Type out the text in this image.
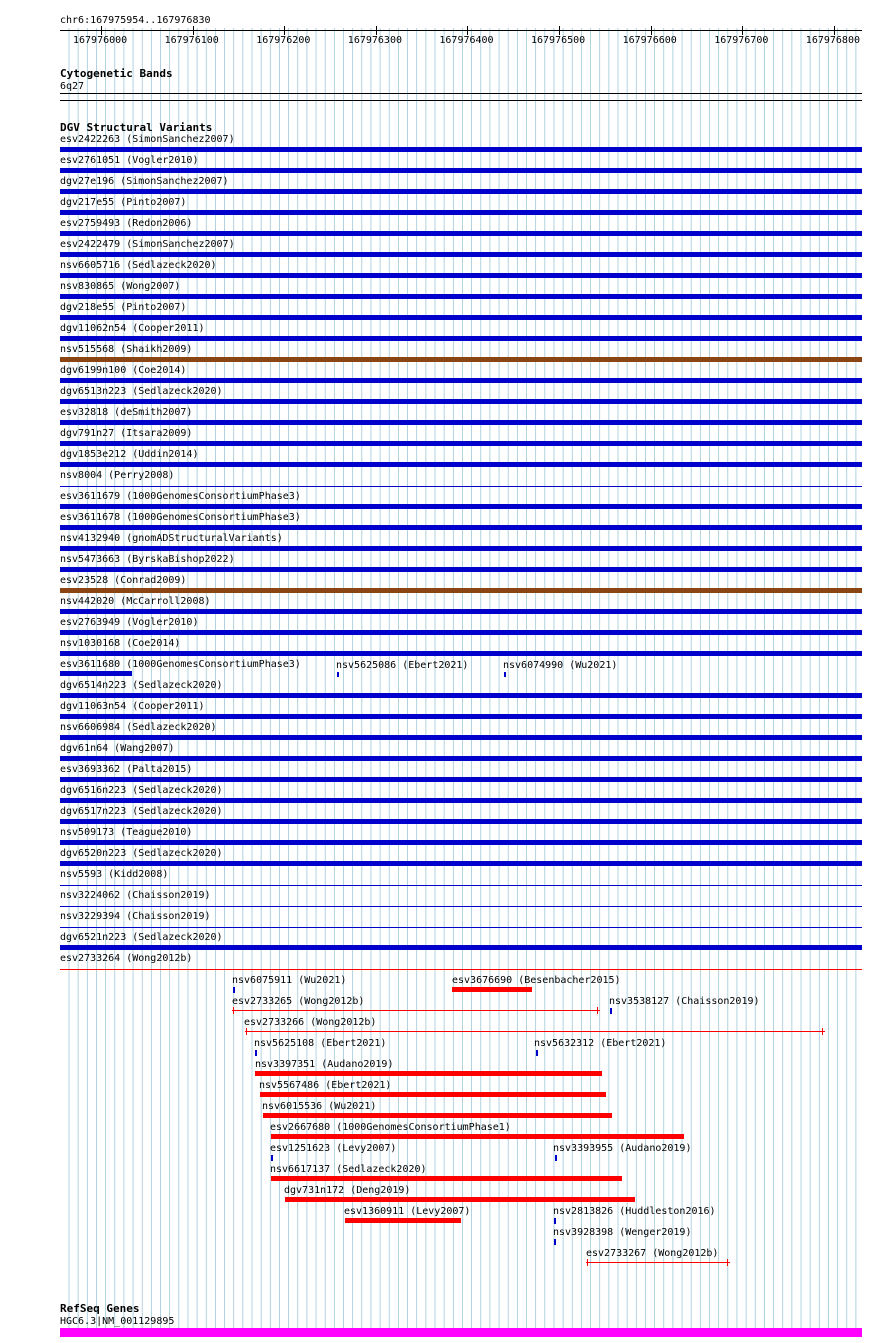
chr6:167975954..167976830
167976000	167976100	167976200	167976300	167976400	167976500	167976600	167976700	167976800
Cytogenetic Bands
6q27
DGV Structural Variants
esv2422263 (SimonSanchez2007)
esv2761051 (Vogler2010)
dgv27e196 (SimonSanchez2007)
dgv217e55 (Pinto2007)
esv2759493 (Redon2006)
esv2422479 (SimonSanchez2007)
nsv6605716 (Sedlazeck2020)
nsv830865 (Wong2007)
dgv218e55 (Pinto2007)
dgv11062n54 (Cooper2011)
nsv515568 (Shaikh2009)
dgv6199n100 (Coe2014)
dgv6513n223 (Sedlazeck2020)
esv32818 (deSmith2007)
dgv791n27 (Itsara2009)
dgv1853e212 (Uddin2014)
nsv8004 (Perry2008)
esv3611679 (1000GenomesConsortiumPhase3)
esv3611678 (1000GenomesConsortiumPhase3)
nsv4132940 (gnomADStructuralVariants)
nsv5473663 (ByrskaBishop2022)
esv23528 (Conrad2009)
nsv442020 (McCarroll2008)
esv2763949 (Vogler2010)
nsv1030168 (Coe2014)
esv3611680 (1000GenomesConsortiumPhase3)
dgv6514n223 (Sedlazeck2020)
dgv11063n54 (Cooper2011)
nsv6606984 (Sedlazeck2020)
dgv61n64 (Wang2007)
esv3693362 (Palta2015)
dgv6516n223 (Sedlazeck2020)
dgv6517n223 (Sedlazeck2020)
nsv509173 (Teague2010)
dgv6520n223 (Sedlazeck2020)
nsv5593 (Kidd2008)
nsv3224062 (Chaisson2019)
nsv3229394 (Chaisson2019)
dgv6521n223 (Sedlazeck2020)
esv2733264 (Wong2012b)
nsv5625086 (Ebert2021)	nsv6074990 (Wu2021)
nsv6075911 (Wu2021)	esv3676690 (Besenbacher2015)
esv2733265 (Wong2012b)	nsv3538127 (Chaisson2019)
esv2733266 (Wong2012b)
nsv5625108 (Ebert2021)	nsv5632312 (Ebert2021)
nsv3397351 (Audano2019)
nsv5567486 (Ebert2021)
nsv6015536 (Wu2021)
esv2667680 (1000GenomesConsortiumPhase1)
esv1251623 (Levy2007)	nsv3393955 (Audano2019)
nsv6617137 (Sedlazeck2020)
dgv731n172 (Deng2019)
esv1360911 (Levy2007)	nsv2813826 (Huddleston2016)
nsv3928398 (Wenger2019)
esv2733267 (Wong2012b)
RefSeq Genes
HGC6.3|NM_001129895
